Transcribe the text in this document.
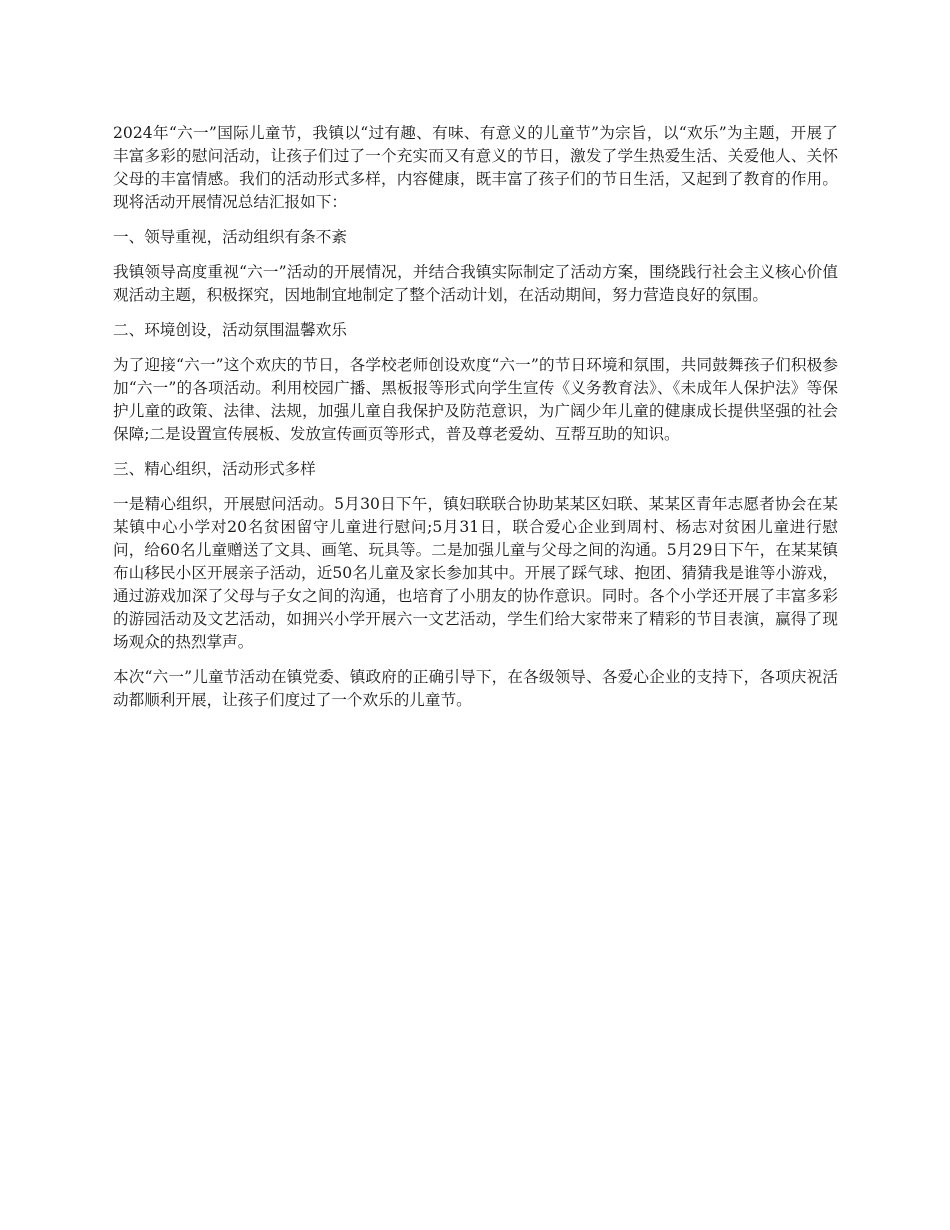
2024年“六一”国际儿童节，我镇以“过有趣、有味、有意义的儿童节”为宗旨，以“欢乐”为主题，开展了丰富多彩的慰问活动，让孩子们过了一个充实而又有意义的节日，激发了学生热爱生活、关爱他人、关怀父母的丰富情感。我们的活动形式多样，内容健康，既丰富了孩子们的节日生活，又起到了教育的作用。现将活动开展情况总结汇报如下：

一、领导重视，活动组织有条不紊

我镇领导高度重视“六一”活动的开展情况，并结合我镇实际制定了活动方案，围绕践行社会主义核心价值观活动主题，积极探究，因地制宜地制定了整个活动计划，在活动期间，努力营造良好的氛围。

二、环境创设，活动氛围温馨欢乐

为了迎接“六一”这个欢庆的节日，各学校老师创设欢度“六一”的节日环境和氛围，共同鼓舞孩子们积极参加“六一”的各项活动。利用校园广播、黑板报等形式向学生宣传《义务教育法》、《未成年人保护法》等保护儿童的政策、法律、法规，加强儿童自我保护及防范意识，为广阔少年儿童的健康成长提供坚强的社会保障;二是设置宣传展板、发放宣传画页等形式，普及尊老爱幼、互帮互助的知识。

三、精心组织，活动形式多样

一是精心组织，开展慰问活动。5月30日下午，镇妇联联合协助某某区妇联、某某区青年志愿者协会在某某镇中心小学对20名贫困留守儿童进行慰问;5月31日，联合爱心企业到周村、杨志对贫困儿童进行慰问，给60名儿童赠送了文具、画笔、玩具等。二是加强儿童与父母之间的沟通。5月29日下午，在某某镇布山移民小区开展亲子活动，近50名儿童及家长参加其中。开展了踩气球、抱团、猜猜我是谁等小游戏，通过游戏加深了父母与子女之间的沟通，也培育了小朋友的协作意识。同时。各个小学还开展了丰富多彩的游园活动及文艺活动，如拥兴小学开展六一文艺活动，学生们给大家带来了精彩的节目表演，赢得了现场观众的热烈掌声。

本次“六一”儿童节活动在镇党委、镇政府的正确引导下，在各级领导、各爱心企业的支持下，各项庆祝活动都顺利开展，让孩子们度过了一个欢乐的儿童节。
